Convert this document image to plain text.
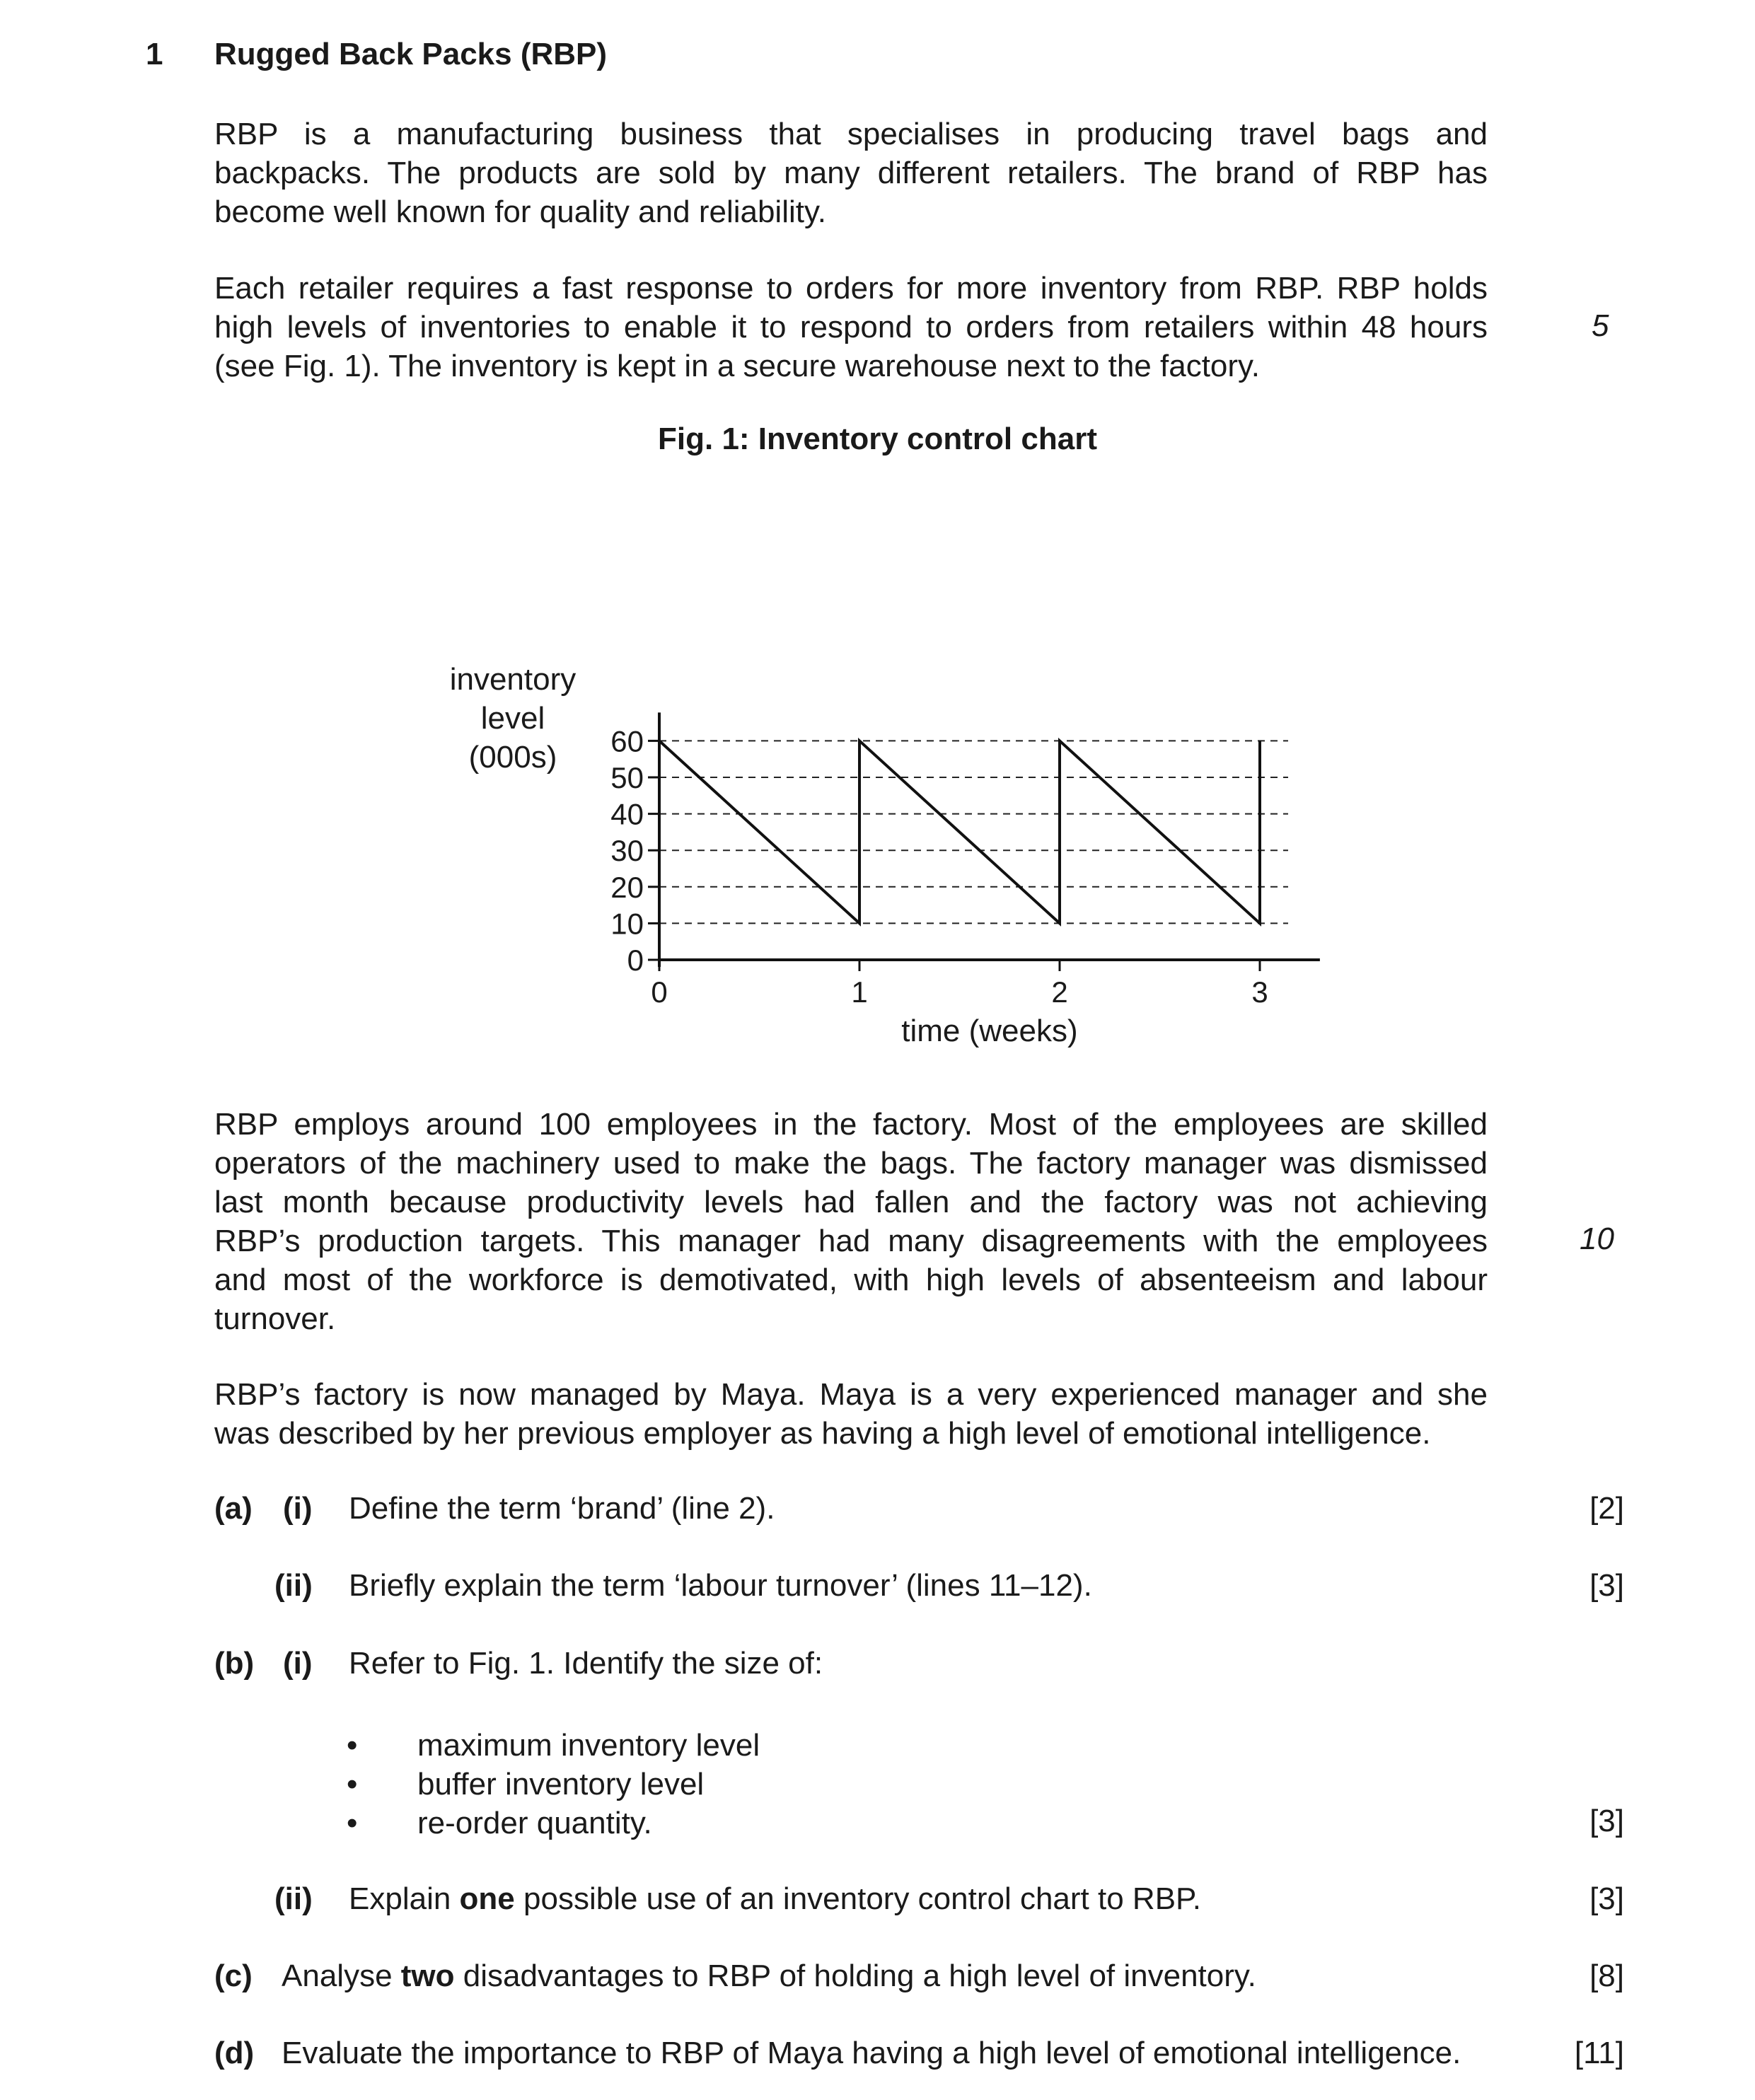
1 Rugged Back Packs (RBP)

RBP is a manufacturing business that specialises in producing travel bags and
backpacks. The products are sold by many different retailers. The brand of RBP has
become well known for quality and reliability.

Each retailer requires a fast response to orders for more inventory from RBP. RBP holds
high levels of inventories to enable it to respond to orders from retailers within 48 hours
(see Fig. 1). The inventory is kept in a secure warehouse next to the factory.

5
Fig. 1: Inventory control chart
0
10
20
30
40
50
60
0	1	2	3
inventory
level
(000s)
time (weeks)

RBP employs around 100 employees in the factory. Most of the employees are skilled
operators of the machinery used to make the bags. The factory manager was dismissed
last month because productivity levels had fallen and the factory was not achieving
RBP’s production targets. This manager had many disagreements with the employees
and most of the workforce is demotivated, with high levels of absenteeism and labour
turnover.

10

RBP’s factory is now managed by Maya. Maya is a very experienced manager and she
was described by her previous employer as having a high level of emotional intelligence.

(a) (i) Define the term ‘brand’ (line 2).	[2]
(ii) Briefly explain the term ‘labour turnover’ (lines 11–12).	[3]
(b) (i) Refer to Fig. 1. Identify the size of:
• maximum inventory level
• buffer inventory level
• re-order quantity.	[3]
(ii) Explain one possible use of an inventory control chart to RBP.	[3]
(c) Analyse two disadvantages to RBP of holding a high level of inventory.	[8]
(d) Evaluate the importance to RBP of Maya having a high level of emotional intelligence.	[11]
